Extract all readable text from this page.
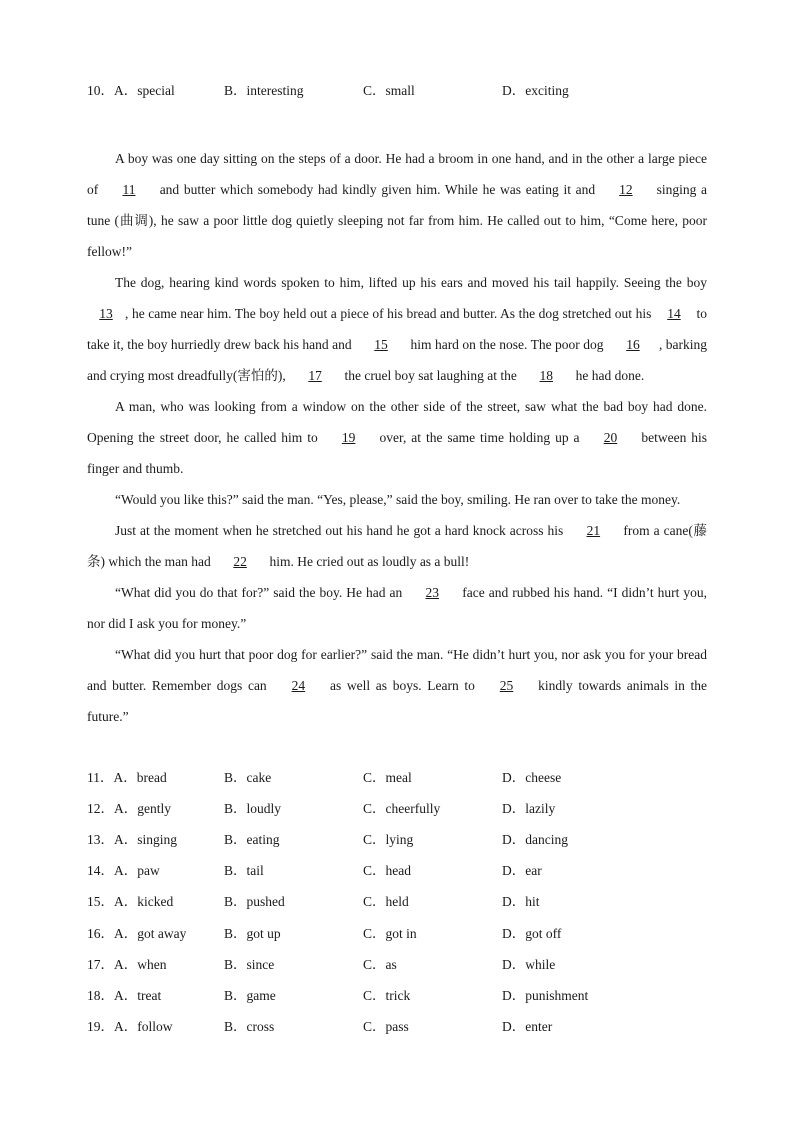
10．A．special	B．interesting	C．small	D．exciting

A boy was one day sitting on the steps of a door. He had a broom in one hand, and in the other a large piece of 11 and butter which somebody had kindly given him. While he was eating it and 12 singing a tune (曲调), he saw a poor little dog quietly sleeping not far from him. He called out to him, “Come here, poor fellow!”

The dog, hearing kind words spoken to him, lifted up his ears and moved his tail happily. Seeing the boy 13 , he came near him. The boy held out a piece of his bread and butter. As the dog stretched out his 14 to take it, the boy hurriedly drew back his hand and 15 him hard on the nose. The poor dog 16 , barking and crying most dreadfully(害怕的), 17 the cruel boy sat laughing at the 18 he had done.

A man, who was looking from a window on the other side of the street, saw what the bad boy had done. Opening the street door, he called him to 19 over, at the same time holding up a 20 between his finger and thumb.

“Would you like this?” said the man. “Yes, please,” said the boy, smiling. He ran over to take the money.

Just at the moment when he stretched out his hand he got a hard knock across his 21 from a cane(藤条) which the man had 22 him. He cried out as loudly as a bull!

“What did you do that for?” said the boy. He had an 23 face and rubbed his hand. “I didn’t hurt you, nor did I ask you for money.”

“What did you hurt that poor dog for earlier?” said the man. “He didn’t hurt you, nor ask you for your bread and butter. Remember dogs can 24 as well as boys. Learn to 25 kindly towards animals in the future.”

11．A．bread	B．cake	C．meal	D．cheese
12．A．gently	B．loudly	C．cheerfully	D．lazily
13．A．singing	B．eating	C．lying	D．dancing
14．A．paw	B．tail	C．head	D．ear
15．A．kicked	B．pushed	C．held	D．hit
16．A．got away	B．got up	C．got in	D．got off
17．A．when	B．since	C．as	D．while
18．A．treat	B．game	C．trick	D．punishment
19．A．follow	B．cross	C．pass	D．enter
